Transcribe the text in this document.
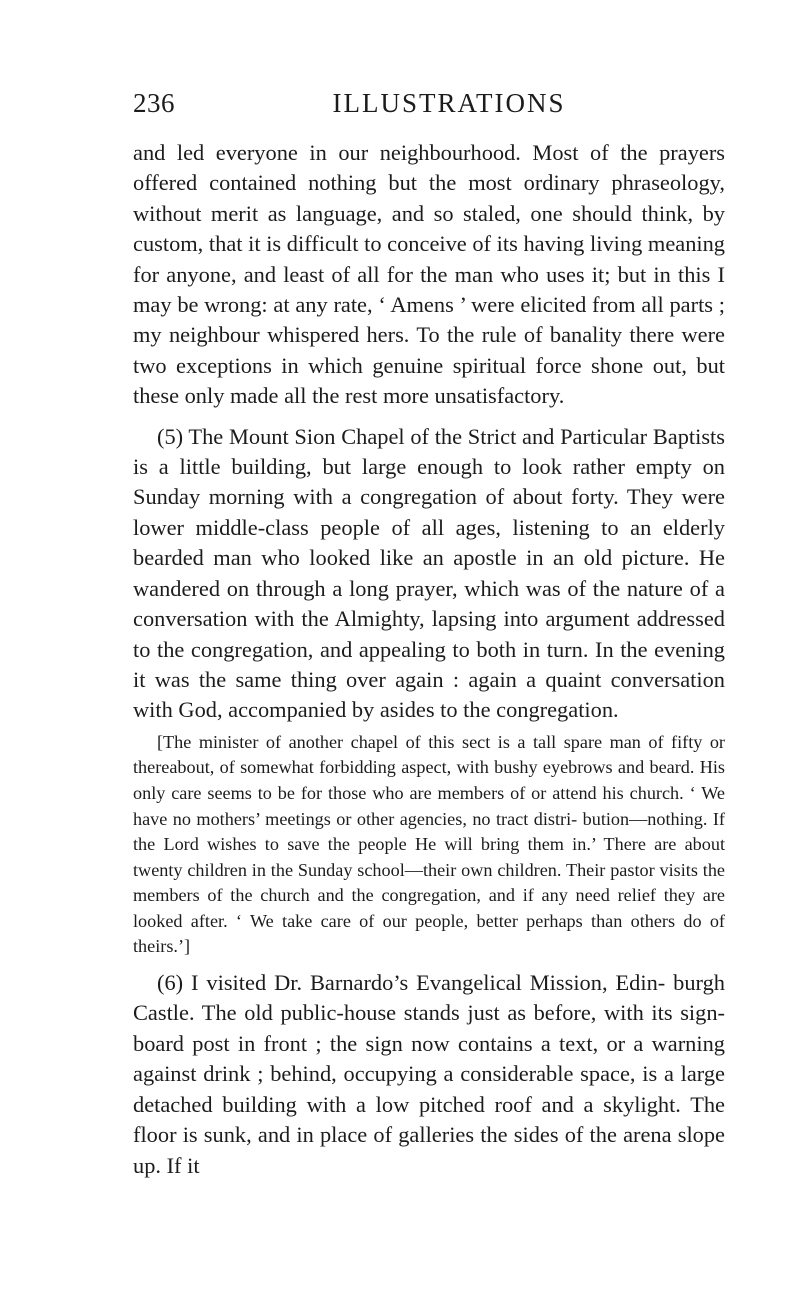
236	ILLUSTRATIONS

and led everyone in our neighbourhood. Most of the prayers offered contained nothing but the most ordinary phraseology, without merit as language, and so staled, one should think, by custom, that it is difficult to conceive of its having living meaning for anyone, and least of all for the man who uses it; but in this I may be wrong: at any rate, ‘ Amens ’ were elicited from all parts ; my neighbour whispered hers. To the rule of banality there were two exceptions in which genuine spiritual force shone out, but these only made all the rest more unsatisfactory.

(5) The Mount Sion Chapel of the Strict and Particular Baptists is a little building, but large enough to look rather empty on Sunday morning with a congregation of about forty. They were lower middle-class people of all ages, listening to an elderly bearded man who looked like an apostle in an old picture. He wandered on through a long prayer, which was of the nature of a conversation with the Almighty, lapsing into argument addressed to the congregation, and appealing to both in turn. In the evening it was the same thing over again : again a quaint conversation with God, accompanied by asides to the congregation.

[The minister of another chapel of this sect is a tall spare man of fifty or thereabout, of somewhat forbidding aspect, with bushy eyebrows and beard. His only care seems to be for those who are members of or attend his church. ‘ We have no mothers’ meetings or other agencies, no tract distri- bution—nothing. If the Lord wishes to save the people He will bring them in.’ There are about twenty children in the Sunday school—their own children. Their pastor visits the members of the church and the congregation, and if any need relief they are looked after. ‘ We take care of our people, better perhaps than others do of theirs.’]

(6) I visited Dr. Barnardo’s Evangelical Mission, Edin- burgh Castle. The old public-house stands just as before, with its sign-board post in front ; the sign now contains a text, or a warning against drink ; behind, occupying a considerable space, is a large detached building with a low pitched roof and a skylight. The floor is sunk, and in place of galleries the sides of the arena slope up. If it
